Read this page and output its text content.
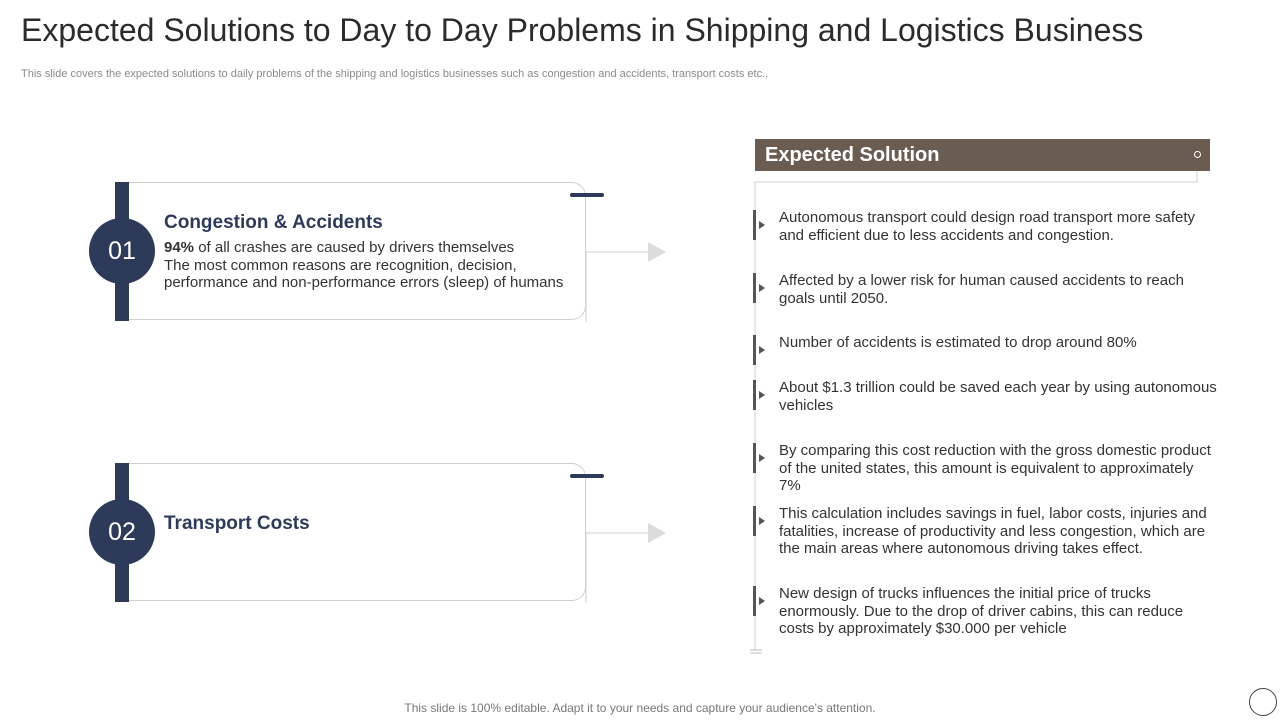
Expected Solutions to Day to Day Problems in Shipping and Logistics Business
This slide covers the expected solutions to daily problems of the shipping and logistics businesses such as congestion and accidents, transport costs etc.,
01
Congestion & Accidents
94% of all crashes are caused by drivers themselves
The most common reasons are recognition, decision, performance and non-performance errors (sleep) of humans
02	Transport Costs
Expected Solution
Autonomous transport could design road transport more safety and efficient due to less accidents and congestion.
Affected by a lower risk for human caused accidents to reach goals until 2050.
Number of accidents is estimated to drop around 80%
About $1.3 trillion could be saved each year by using autonomous vehicles
By comparing this cost reduction with the gross domestic product of the united states, this amount is equivalent to approximately 7%
This calculation includes savings in fuel, labor costs, injuries and fatalities, increase of productivity and less congestion, which are the main areas where autonomous driving takes effect.
New design of trucks influences the initial price of trucks enormously. Due to the drop of driver cabins, this can reduce costs by approximately $30.000 per vehicle
This slide is 100% editable. Adapt it to your needs and capture your audience's attention.
